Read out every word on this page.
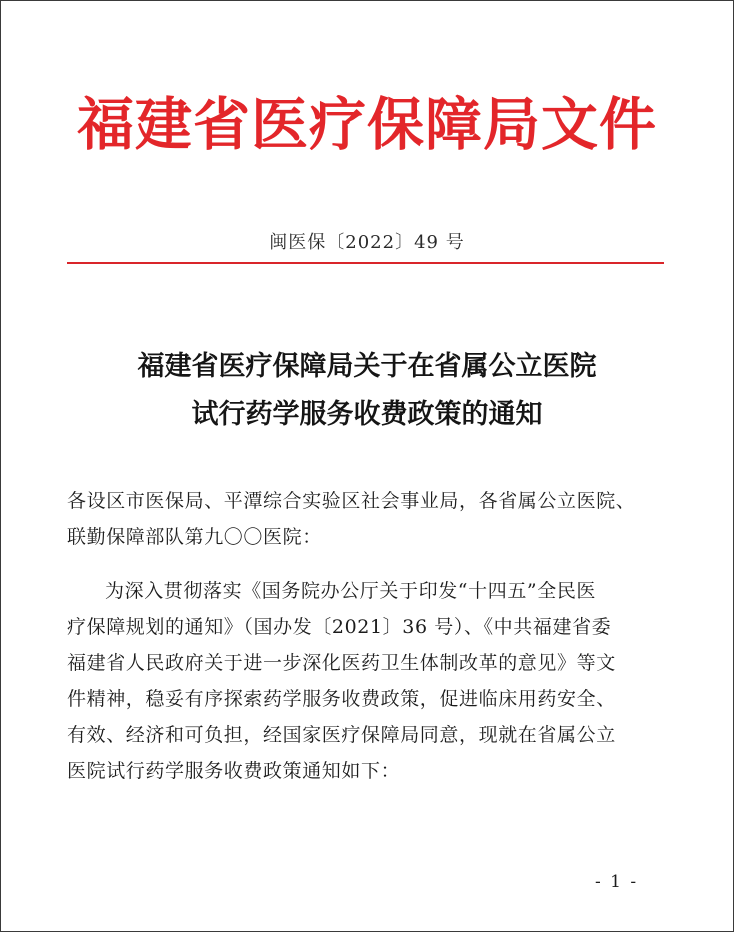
福建省医疗保障局文件
闽医保〔2022〕49 号
福建省医疗保障局关于在省属公立医院
试行药学服务收费政策的通知
各设区市医保局、平潭综合实验区社会事业局，各省属公立医院、
联勤保障部队第九〇〇医院：
为深入贯彻落实《国务院办公厅关于印发“十四五”全民医
疗保障规划的通知》（国办发〔2021〕36 号）、《中共福建省委
福建省人民政府关于进一步深化医药卫生体制改革的意见》等文
件精神，稳妥有序探索药学服务收费政策，促进临床用药安全、
有效、经济和可负担，经国家医疗保障局同意，现就在省属公立
医院试行药学服务收费政策通知如下：
- 1 -
